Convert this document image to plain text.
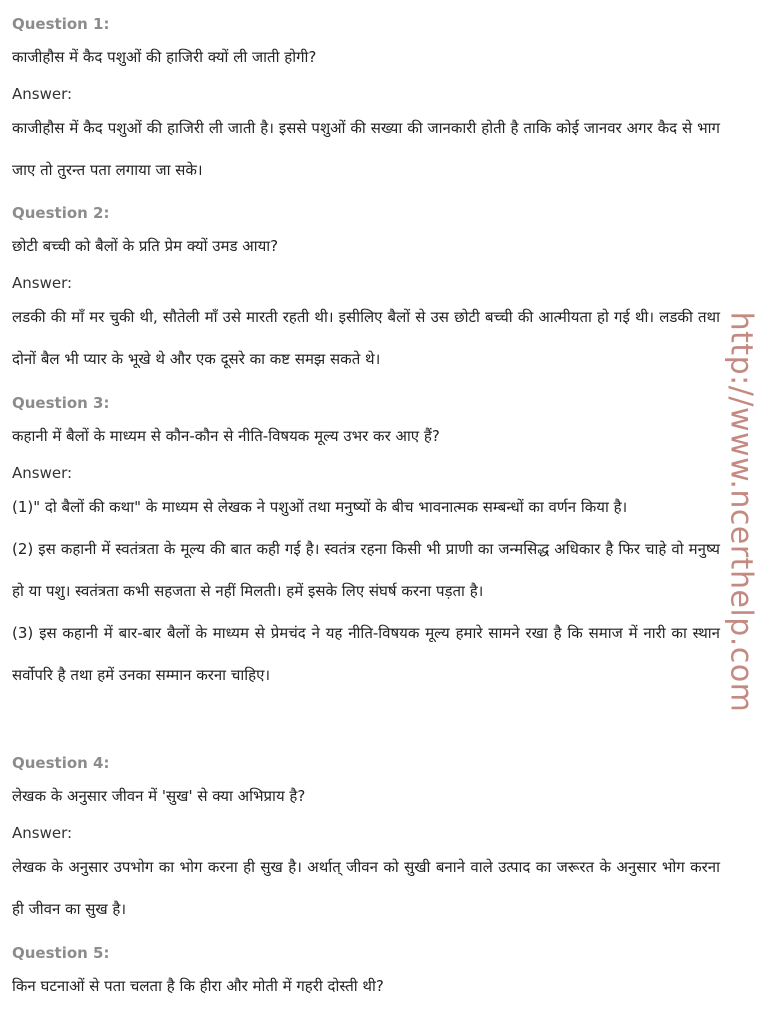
Question 1:

काजीहौस में कैद पशुओं की हाजिरी क्यों ली जाती होगी?

Answer:

काजीहौस में कैद पशुओं की हाजिरी ली जाती है। इससे पशुओं की सख्या की जानकारी होती है ताकि कोई जानवर अगर कैद से भाग जाए तो तुरन्त पता लगाया जा सके।

Question 2:

छोटी बच्ची को बैलों के प्रति प्रेम क्यों उमड आया?

Answer:

लडकी की माँ मर चुकी थी, सौतेली माँ उसे मारती रहती थी। इसीलिए बैलों से उस छोटी बच्ची की आत्मीयता हो गई थी। लडकी तथा दोनों बैल भी प्यार के भूखे थे और एक दूसरे का कष्ट समझ सकते थे।

Question 3:

कहानी में बैलों के माध्यम से कौन-कौन से नीति-विषयक मूल्य उभर कर आए हैं?

Answer:

(1)" दो बैलों की कथा" के माध्यम से लेखक ने पशुओं तथा मनुष्यों के बीच भावनात्मक सम्बन्धों का वर्णन किया है।

(2) इस कहानी में स्वतंत्रता के मूल्य की बात कही गई है। स्वतंत्र रहना किसी भी प्राणी का जन्मसिद्ध अधिकार है फिर चाहे वो मनुष्य हो या पशु। स्वतंत्रता कभी सहजता से नहीं मिलती। हमें इसके लिए संघर्ष करना पड़ता है।

(3) इस कहानी में बार-बार बैलों के माध्यम से प्रेमचंद ने यह नीति-विषयक मूल्य हमारे सामने रखा है कि समाज में नारी का स्थान सर्वोपरि है तथा हमें उनका सम्मान करना चाहिए।

Question 4:

लेखक के अनुसार जीवन में 'सुख' से क्या अभिप्राय है?

Answer:

लेखक के अनुसार उपभोग का भोग करना ही सुख है। अर्थात् जीवन को सुखी बनाने वाले उत्पाद का जरूरत के अनुसार भोग करना ही जीवन का सुख है।

Question 5:

किन घटनाओं से पता चलता है कि हीरा और मोती में गहरी दोस्ती थी?

http://www.ncerthelp.com
